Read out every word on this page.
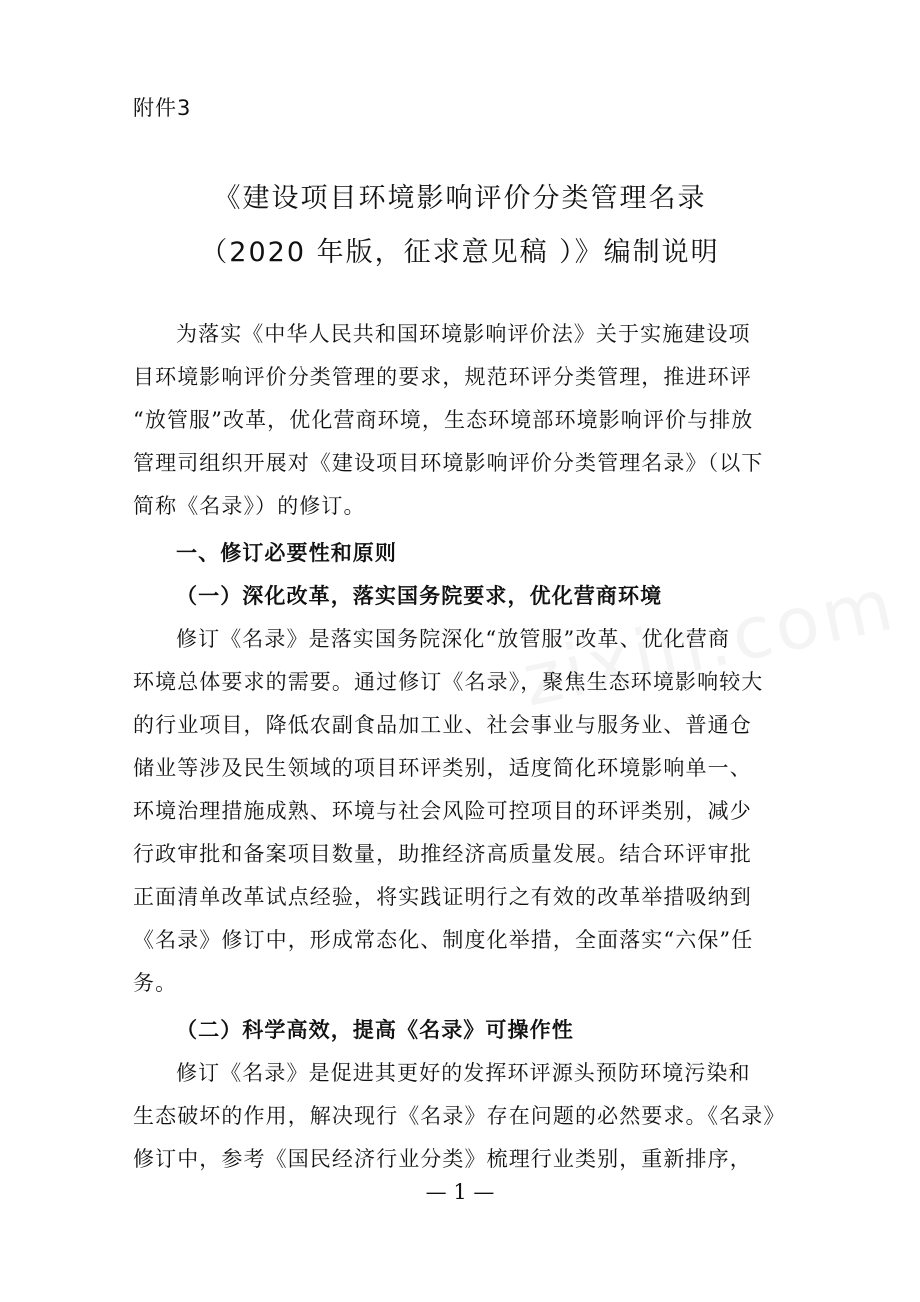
附件3
《建设项目环境影响评价分类管理名录
（2020 年版，征求意见稿 ）》编制说明
为落实《中华人民共和国环境影响评价法》关于实施建设项
目环境影响评价分类管理的要求，规范环评分类管理，推进环评
“放管服”改革，优化营商环境，生态环境部环境影响评价与排放
管理司组织开展对《建设项目环境影响评价分类管理名录》（以下
简称《名录》）的修订。
一、修订必要性和原则
（一）深化改革，落实国务院要求，优化营商环境
修订《名录》是落实国务院深化“放管服”改革、优化营商
环境总体要求的需要。通过修订《名录》，聚焦生态环境影响较大
的行业项目，降低农副食品加工业、社会事业与服务业、普通仓
储业等涉及民生领域的项目环评类别，适度简化环境影响单一、
环境治理措施成熟、环境与社会风险可控项目的环评类别，减少
行政审批和备案项目数量，助推经济高质量发展。结合环评审批
正面清单改革试点经验，将实践证明行之有效的改革举措吸纳到
《名录》修订中，形成常态化、制度化举措，全面落实“六保”任
务。
（二）科学高效，提高《名录》可操作性
修订《名录》是促进其更好的发挥环评源头预防环境污染和
生态破坏的作用，解决现行《名录》存在问题的必然要求。《名录》
修订中，参考《国民经济行业分类》梳理行业类别，重新排序，
— 1 —
